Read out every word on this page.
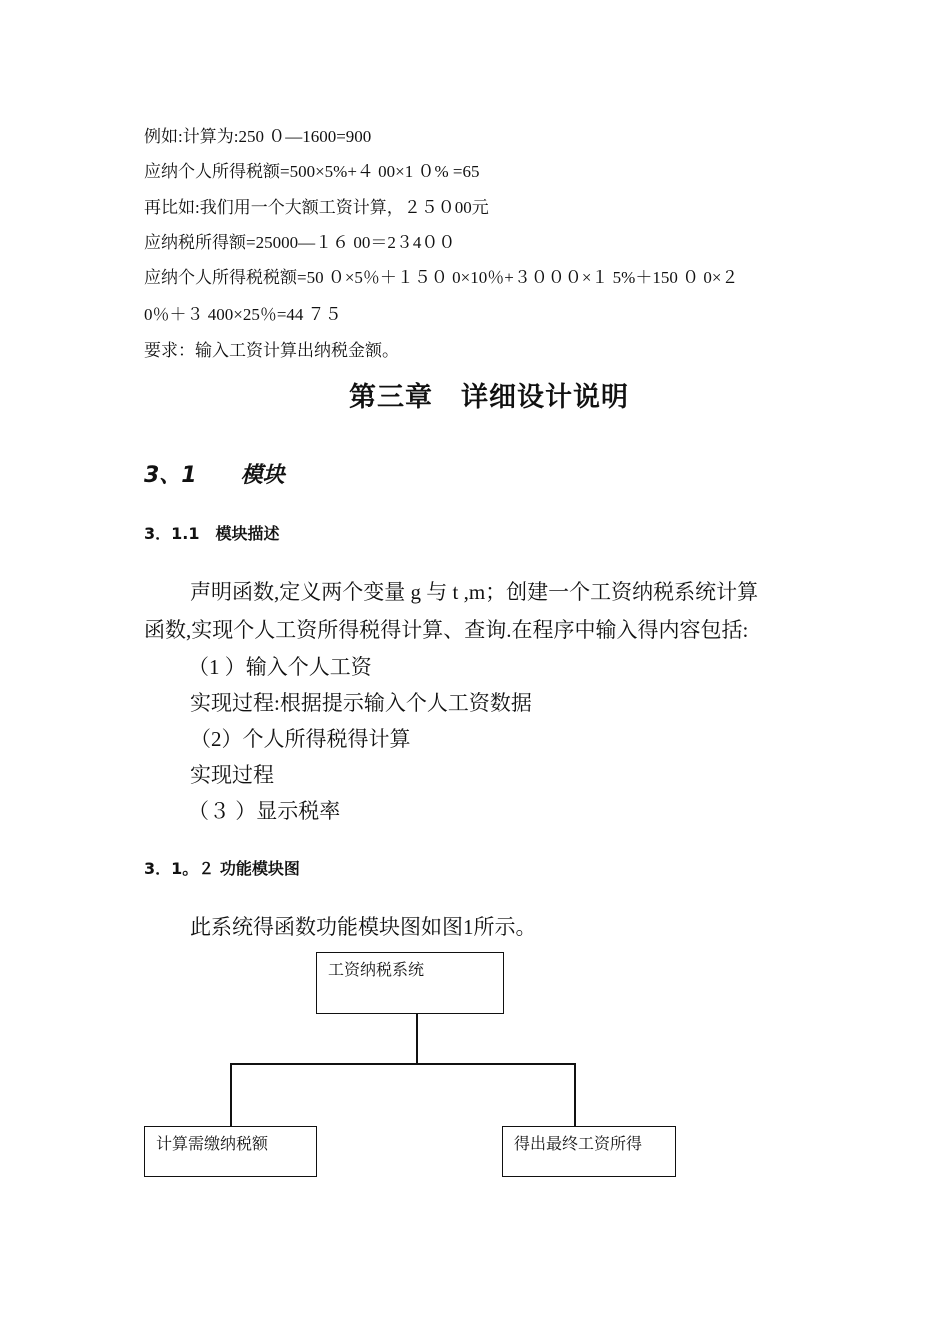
例如:计算为:250 ０—1600=900
应纳个人所得税额=500×5%+４ 00×1 ０% =65
再比如:我们用一个大额工资计算，２５０00元
应纳税所得额=25000—１６ 00＝2３4００
应纳个人所得税税额=50 ０×5％＋１５０ 0×10％+３０００×１ 5%＋150 ０ 0×２
0％＋３ 400×25％=44 ７５
要求：输入工资计算出纳税金额。
第三章　详细设计说明
3、1　　模块
3．1.1　模块描述
声明函数,定义两个变量 g 与 t ,m；创建一个工资纳税系统计算
函数,实现个人工资所得税得计算、查询.在程序中输入得内容包括:
（1 ）输入个人工资
实现过程:根据提示输入个人工资数据
（2）个人所得税得计算
实现过程
（３ ）显示税率
3．1。２ 功能模块图
此系统得函数功能模块图如图1所示。
工资纳税系统
计算需缴纳税额	得出最终工资所得
